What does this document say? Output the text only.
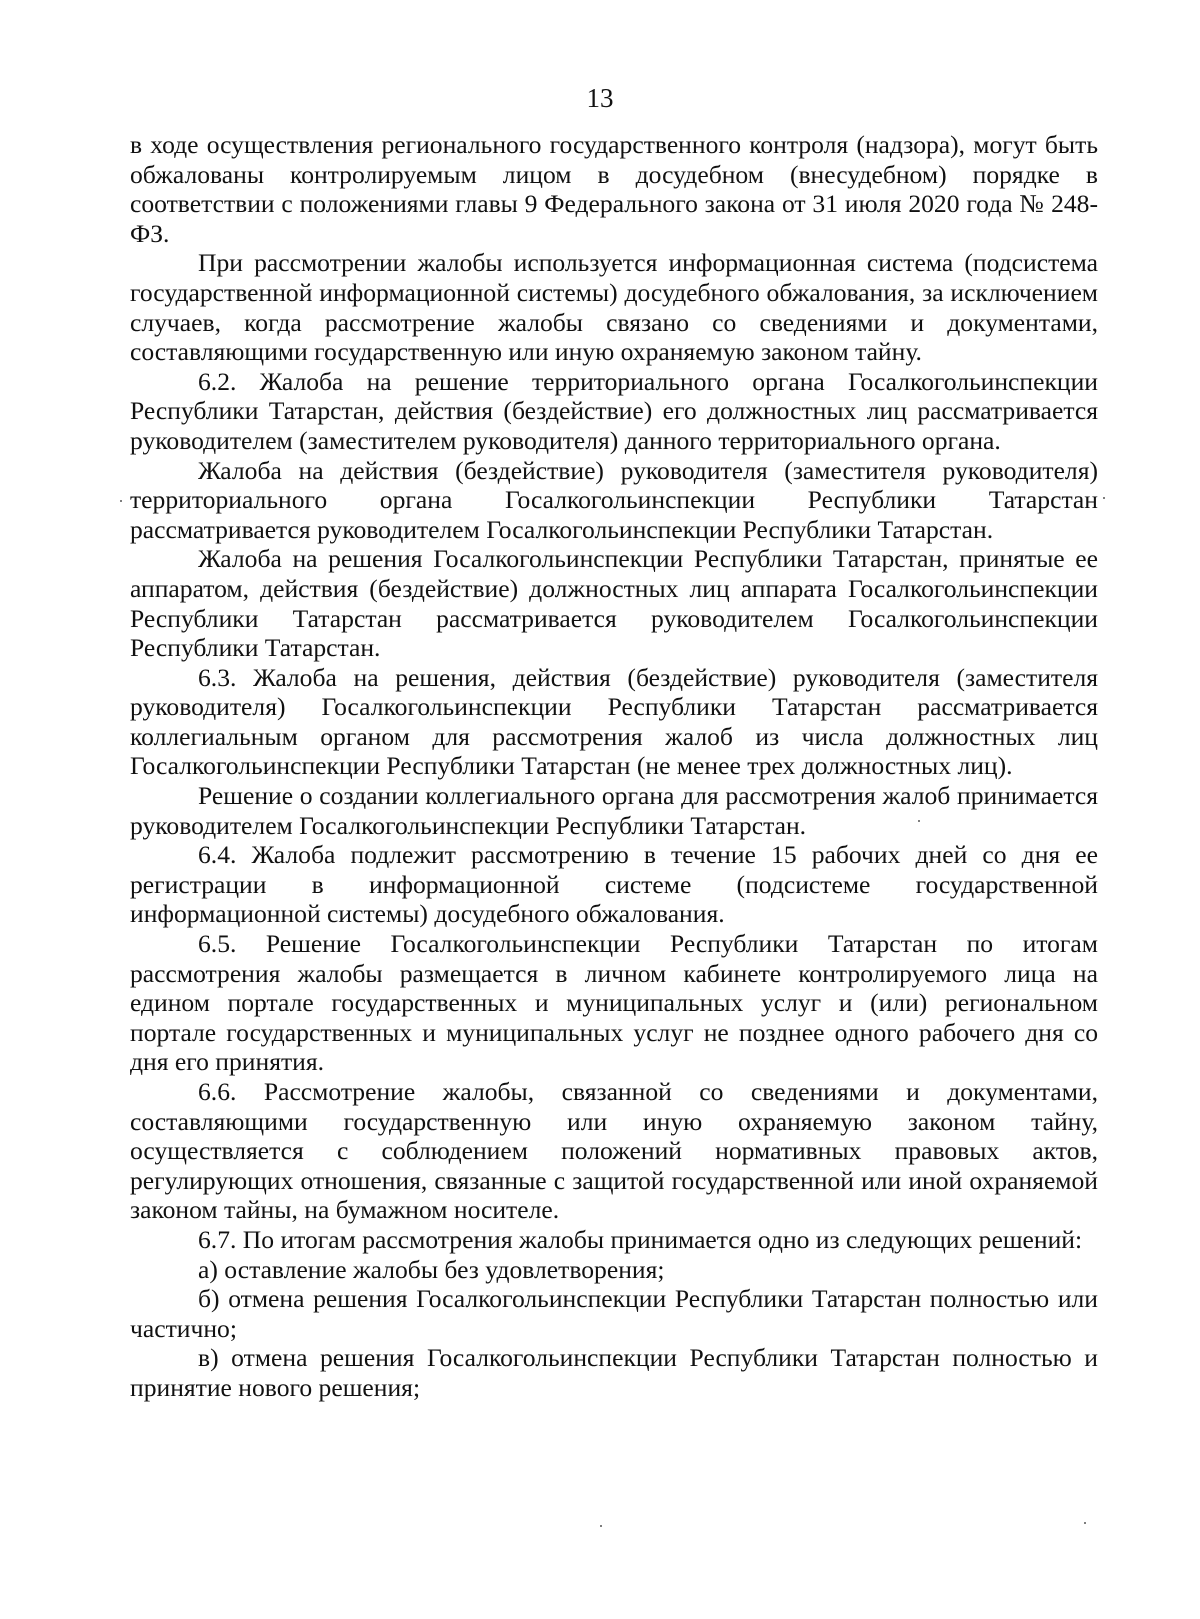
13

в ходе осуществления регионального государственного контроля (надзора), могут быть обжалованы контролируемым лицом в досудебном (внесудебном) порядке в соответствии с положениями главы 9 Федерального закона от 31 июля 2020 года № 248-ФЗ.

При рассмотрении жалобы используется информационная система (подсистема государственной информационной системы) досудебного обжалования, за исключением случаев, когда рассмотрение жалобы связано со сведениями и документами, составляющими государственную или иную охраняемую законом тайну.

6.2. Жалоба на решение территориального органа Госалкогольинспекции Республики Татарстан, действия (бездействие) его должностных лиц рассматривается руководителем (заместителем руководителя) данного территориального органа.

Жалоба на действия (бездействие) руководителя (заместителя руководителя) территориального органа Госалкогольинспекции Республики Татарстан рассматривается руководителем Госалкогольинспекции Республики Татарстан.

Жалоба на решения Госалкогольинспекции Республики Татарстан, принятые ее аппаратом, действия (бездействие) должностных лиц аппарата Госалкогольинспекции Республики Татарстан рассматривается руководителем Госалкогольинспекции Республики Татарстан.

6.3. Жалоба на решения, действия (бездействие) руководителя (заместителя руководителя) Госалкогольинспекции Республики Татарстан рассматривается коллегиальным органом для рассмотрения жалоб из числа должностных лиц Госалкогольинспекции Республики Татарстан (не менее трех должностных лиц).

Решение о создании коллегиального органа для рассмотрения жалоб принимается руководителем Госалкогольинспекции Республики Татарстан.

6.4. Жалоба подлежит рассмотрению в течение 15 рабочих дней со дня ее регистрации в информационной системе (подсистеме государственной информационной системы) досудебного обжалования.

6.5. Решение Госалкогольинспекции Республики Татарстан по итогам рассмотрения жалобы размещается в личном кабинете контролируемого лица на едином портале государственных и муниципальных услуг и (или) региональном портале государственных и муниципальных услуг не позднее одного рабочего дня со дня его принятия.

6.6. Рассмотрение жалобы, связанной со сведениями и документами, составляющими государственную или иную охраняемую законом тайну, осуществляется с соблюдением положений нормативных правовых актов, регулирующих отношения, связанные с защитой государственной или иной охраняемой законом тайны, на бумажном носителе.

6.7. По итогам рассмотрения жалобы принимается одно из следующих решений:

а) оставление жалобы без удовлетворения;

б) отмена решения Госалкогольинспекции Республики Татарстан полностью или частично;

в) отмена решения Госалкогольинспекции Республики Татарстан полностью и принятие нового решения;
